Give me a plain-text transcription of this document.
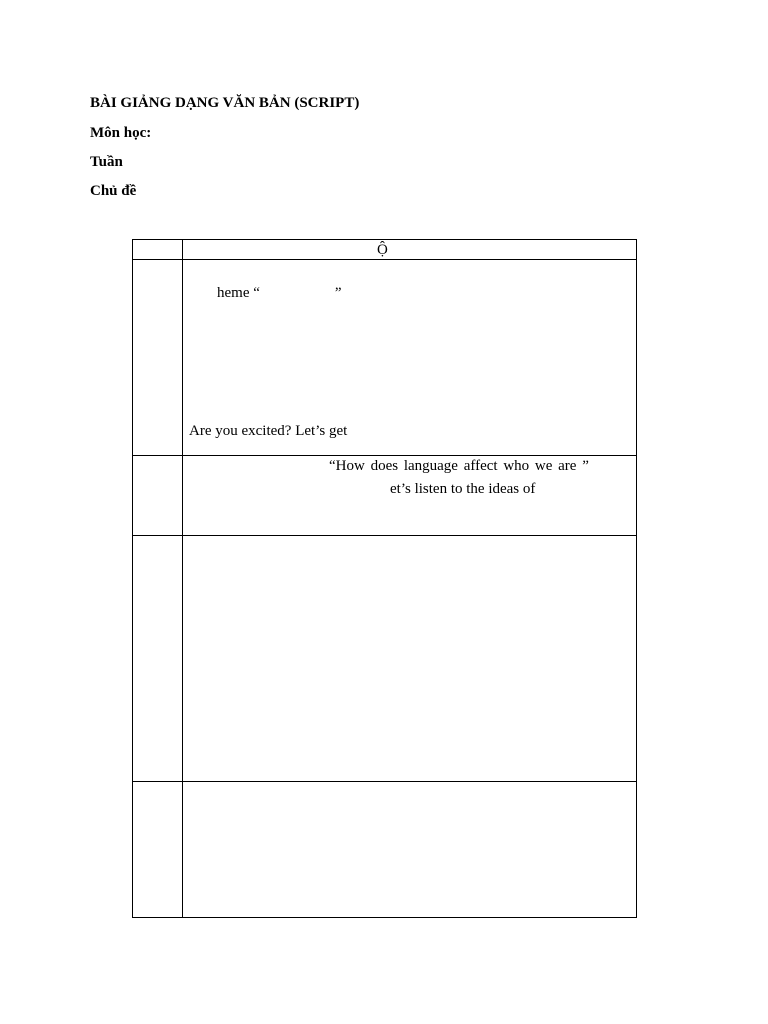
BÀI GIẢNG DẠNG VĂN BẢN (SCRIPT)
Môn học:
Tuần
Chủ đề
Ộ
heme “                    ”
Are you excited? Let’s get
“How does language affect who we are ”
et’s listen to the ideas of
